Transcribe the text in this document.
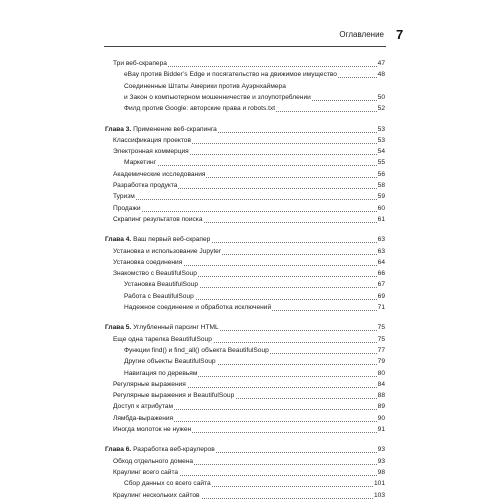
Оглавление 7
Три веб-скрапера	47
eBay против Bidder’s Edge и посягательство на движимое имущество	48
Соединенные Штаты Америки против Ауэрнхаймера
и Закон о компьютерном мошенничестве и злоупотреблении	50
Филд против Google: авторские права и robots.txt	52
Глава 3. Применение веб-скрапинга	53
Классификация проектов	53
Электронная коммерция	54
Маркетинг	55
Академические исследования	56
Разработка продукта	58
Туризм	59
Продажи	60
Скрапинг результатов поиска	61
Глава 4. Ваш первый веб-скрапер	63
Установка и использование Jupyter	63
Установка соединения	64
Знакомство с BeautifulSoup	66
Установка BeautifulSoup	67
Работа с BeautifulSoup	69
Надежное соединение и обработка исключений	71
Глава 5. Углубленный парсинг HTML	75
Еще одна тарелка BeautifulSoup	75
Функции find() и find_all() объекта BeautifulSoup	77
Другие объекты BeautifulSoup	79
Навигация по деревьям	80
Регулярные выражения	84
Регулярные выражения и BeautifulSoup	88
Доступ к атрибутам	89
Лямбда-выражения	90
Иногда молоток не нужен	91
Глава 6. Разработка веб-краулеров	93
Обход отдельного домена	93
Краулинг всего сайта	98
Сбор данных со всего сайта	101
Краулинг нескольких сайтов	103
